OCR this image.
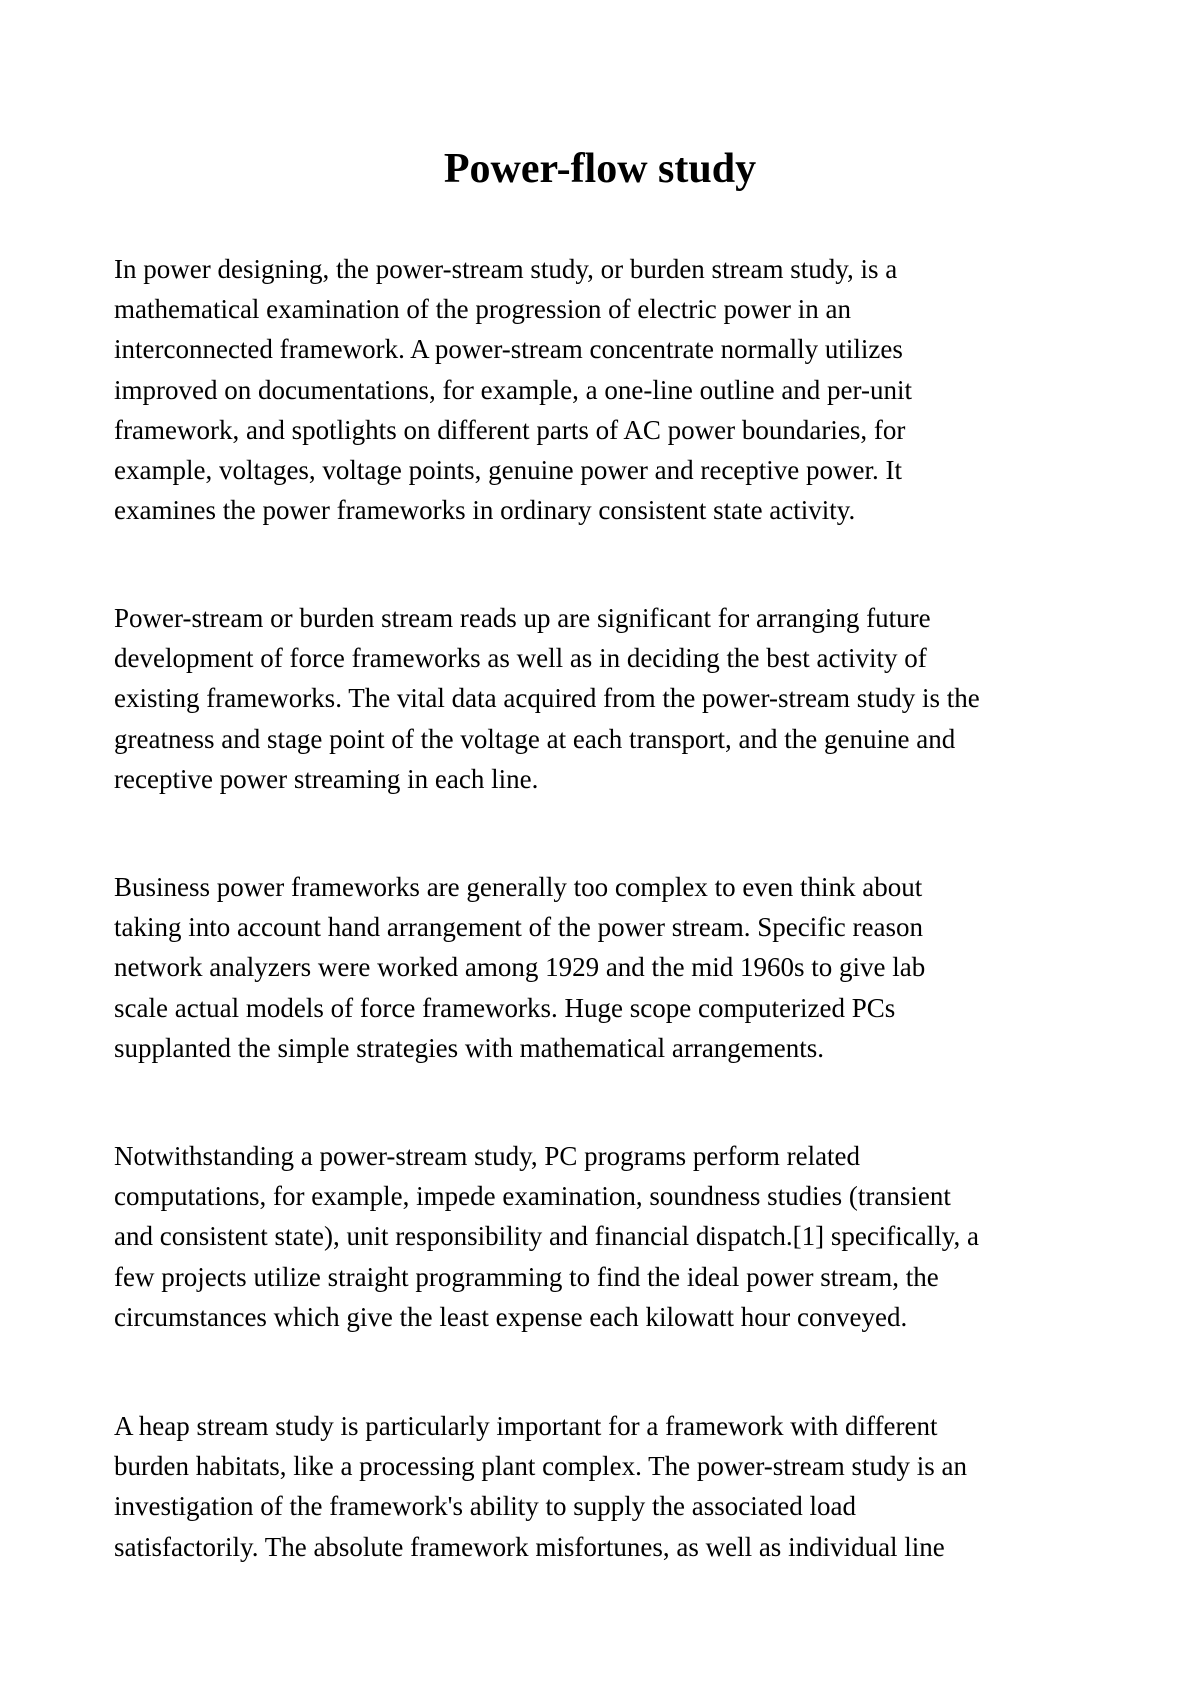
Power-flow study

In power designing, the power-stream study, or burden stream study, is a
mathematical examination of the progression of electric power in an
interconnected framework. A power-stream concentrate normally utilizes
improved on documentations, for example, a one-line outline and per-unit
framework, and spotlights on different parts of AC power boundaries, for
example, voltages, voltage points, genuine power and receptive power. It
examines the power frameworks in ordinary consistent state activity.

Power-stream or burden stream reads up are significant for arranging future
development of force frameworks as well as in deciding the best activity of
existing frameworks. The vital data acquired from the power-stream study is the
greatness and stage point of the voltage at each transport, and the genuine and
receptive power streaming in each line.

Business power frameworks are generally too complex to even think about
taking into account hand arrangement of the power stream. Specific reason
network analyzers were worked among 1929 and the mid 1960s to give lab
scale actual models of force frameworks. Huge scope computerized PCs
supplanted the simple strategies with mathematical arrangements.

Notwithstanding a power-stream study, PC programs perform related
computations, for example, impede examination, soundness studies (transient
and consistent state), unit responsibility and financial dispatch.[1] specifically, a
few projects utilize straight programming to find the ideal power stream, the
circumstances which give the least expense each kilowatt hour conveyed.

A heap stream study is particularly important for a framework with different
burden habitats, like a processing plant complex. The power-stream study is an
investigation of the framework's ability to supply the associated load
satisfactorily. The absolute framework misfortunes, as well as individual line
